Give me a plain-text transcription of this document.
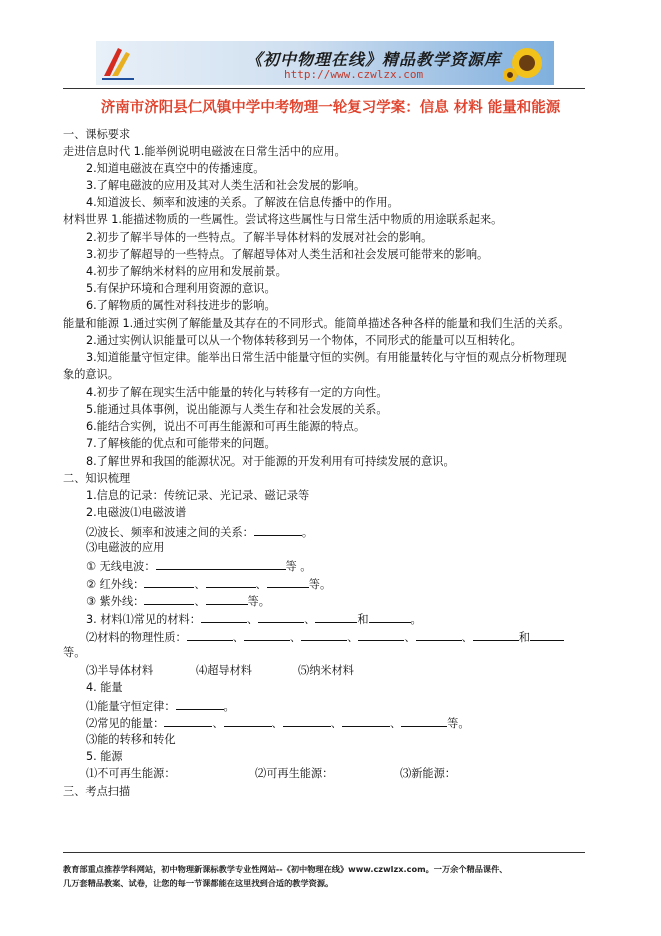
《初中物理在线》精品教学资源库
http://www.czwlzx.com
济南市济阳县仁风镇中学中考物理一轮复习学案：信息 材料 能量和能源
一、课标要求
走进信息时代 1.能举例说明电磁波在日常生活中的应用。
2.知道电磁波在真空中的传播速度。
3.了解电磁波的应用及其对人类生活和社会发展的影响。
4.知道波长、频率和波速的关系。了解波在信息传播中的作用。
材料世界 1.能描述物质的一些属性。尝试将这些属性与日常生活中物质的用途联系起来。
2.初步了解半导体的一些特点。了解半导体材料的发展对社会的影响。
3.初步了解超导的一些特点。了解超导体对人类生活和社会发展可能带来的影响。
4.初步了解纳米材料的应用和发展前景。
5.有保护环境和合理利用资源的意识。
6.了解物质的属性对科技进步的影响。
能量和能源 1.通过实例了解能量及其存在的不同形式。能简单描述各种各样的能量和我们生活的关系。
2.通过实例认识能量可以从一个物体转移到另一个物体，不同形式的能量可以互相转化。
3.知道能量守恒定律。能举出日常生活中能量守恒的实例。有用能量转化与守恒的观点分析物理现
象的意识。
4.初步了解在现实生活中能量的转化与转移有一定的方向性。
5.能通过具体事例，说出能源与人类生存和社会发展的关系。
6.能结合实例，说出不可再生能源和可再生能源的特点。
7.了解核能的优点和可能带来的问题。
8.了解世界和我国的能源状况。对于能源的开发利用有可持续发展的意识。
二、知识梳理
1.信息的记录：传统记录、光记录、磁记录等
2.电磁波⑴电磁波谱
⑵波长、频率和波速之间的关系：	。
⑶电磁波的应用
① 无线电波：	等 。
② 红外线：	、	、	等。
③ 紫外线：	、	等。
3. 材料⑴常见的材料：	、	、	和	。
⑵材料的物理性质：	、	、	、	、	、	和
等。
⑶半导体材料	⑷超导材料	⑸纳米材料
4. 能量
⑴能量守恒定律：	。
⑵常见的能量：	、	、	、	、	等。
⑶能的转移和转化
5. 能源
⑴不可再生能源：	⑵可再生能源：	⑶新能源：
三、考点扫描
教育部重点推荐学科网站，初中物理新课标教学专业性网站--《初中物理在线》www.czwlzx.com。一万余个精品课件、
几万套精品教案、试卷，让您的每一节课都能在这里找到合适的教学资源。
